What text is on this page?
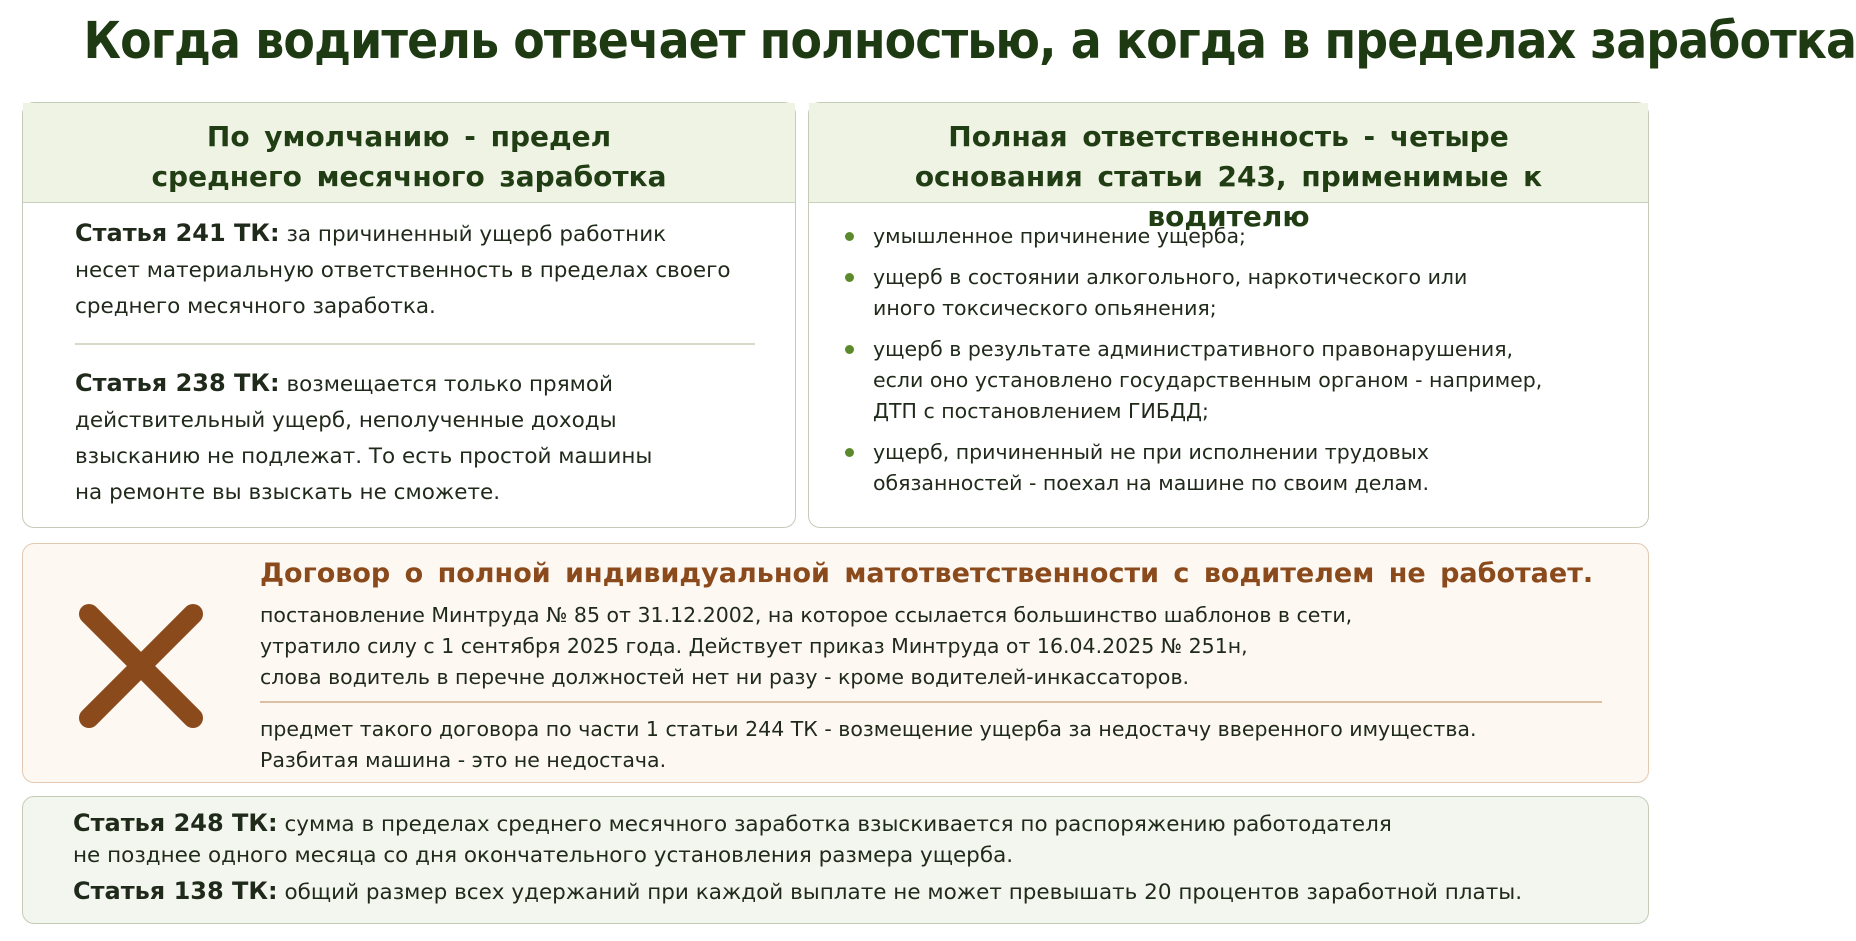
Когда водитель отвечает полностью, а когда в пределах заработка
По умолчанию - предел среднего месячного заработка

Статья 241 ТК: за причиненный ущерб работник несет материальную ответственность в пределах своего среднего месячного заработка.

Статья 238 ТК: возмещается только прямой действительный ущерб, неполученные доходы взысканию не подлежат. То есть простой машины на ремонте вы взыскать не сможете.

Полная ответственность - четыре основания статьи 243, применимые к водителю
умышленное причинение ущерба;
ущерб в состоянии алкогольного, наркотического или иного токсического опьянения;
ущерб в результате административного правонарушения, если оно установлено государственным органом - например, ДТП с постановлением ГИБДД;
ущерб, причиненный не при исполнении трудовых обязанностей - поехал на машине по своим делам.
Договор о полной индивидуальной матответственности с водителем не работает.
постановление Минтруда № 85 от 31.12.2002, на которое ссылается большинство шаблонов в сети,
утратило силу с 1 сентября 2025 года. Действует приказ Минтруда от 16.04.2025 № 251н,
слова водитель в перечне должностей нет ни разу - кроме водителей-инкассаторов.
предмет такого договора по части 1 статьи 244 ТК - возмещение ущерба за недостачу вверенного имущества.
Разбитая машина - это не недостача.
Статья 248 ТК: сумма в пределах среднего месячного заработка взыскивается по распоряжению работодателя
не позднее одного месяца со дня окончательного установления размера ущерба.
Статья 138 ТК: общий размер всех удержаний при каждой выплате не может превышать 20 процентов заработной платы.
